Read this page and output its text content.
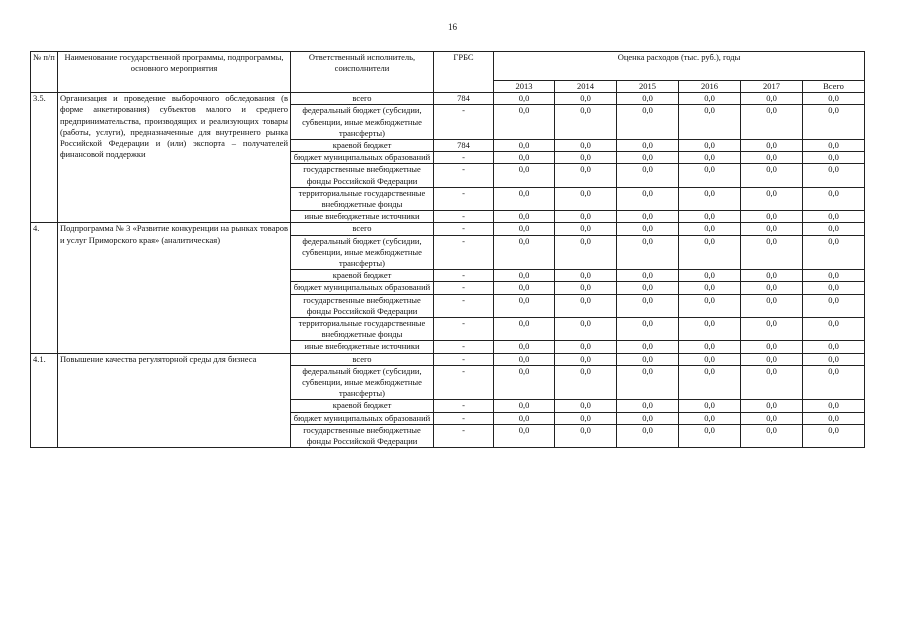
16
№ п/п	Наименование государственной программы, подпрограммы, основного мероприятия	Ответственный исполнитель, соисполнители	ГРБС	Оценка расходов (тыс. руб.), годы					
				2013	2014	2015	2016	2017	Всего
3.5.	Организация и проведение выборочного обследования (в форме анкетирования) субъектов малого и среднего предпринимательства, производящих и реализующих товары (работы, услуги), предназначенные для внутреннего рынка Российской Федерации и (или) экспорта – получателей финансовой поддержки	всего	784	0,0	0,0	0,0	0,0	0,0	0,0
		федеральный бюджет (субсидии, субвенции, иные межбюджетные трансферты)	-	0,0	0,0	0,0	0,0	0,0	0,0
		краевой бюджет	784	0,0	0,0	0,0	0,0	0,0	0,0
		бюджет муниципальных образований	-	0,0	0,0	0,0	0,0	0,0	0,0
		государственные внебюджетные фонды Российской Федерации	-	0,0	0,0	0,0	0,0	0,0	0,0
		территориальные государственные внебюджетные фонды	-	0,0	0,0	0,0	0,0	0,0	0,0
		иные внебюджетные источники	-	0,0	0,0	0,0	0,0	0,0	0,0
4.	Подпрограмма № 3 «Развитие конкуренции на рынках товаров и услуг Приморского края» (аналитическая)	всего	-	0,0	0,0	0,0	0,0	0,0	0,0
		федеральный бюджет (субсидии, субвенции, иные межбюджетные трансферты)	-	0,0	0,0	0,0	0,0	0,0	0,0
		краевой бюджет	-	0,0	0,0	0,0	0,0	0,0	0,0
		бюджет муниципальных образований	-	0,0	0,0	0,0	0,0	0,0	0,0
		государственные внебюджетные фонды Российской Федерации	-	0,0	0,0	0,0	0,0	0,0	0,0
		территориальные государственные внебюджетные фонды	-	0,0	0,0	0,0	0,0	0,0	0,0
		иные внебюджетные источники	-	0,0	0,0	0,0	0,0	0,0	0,0
4.1.	Повышение качества регуляторной среды для бизнеса	всего	-	0,0	0,0	0,0	0,0	0,0	0,0
		федеральный бюджет (субсидии, субвенции, иные межбюджетные трансферты)	-	0,0	0,0	0,0	0,0	0,0	0,0
		краевой бюджет	-	0,0	0,0	0,0	0,0	0,0	0,0
		бюджет муниципальных образований	-	0,0	0,0	0,0	0,0	0,0	0,0
		государственные внебюджетные фонды Российской Федерации	-	0,0	0,0	0,0	0,0	0,0	0,0
